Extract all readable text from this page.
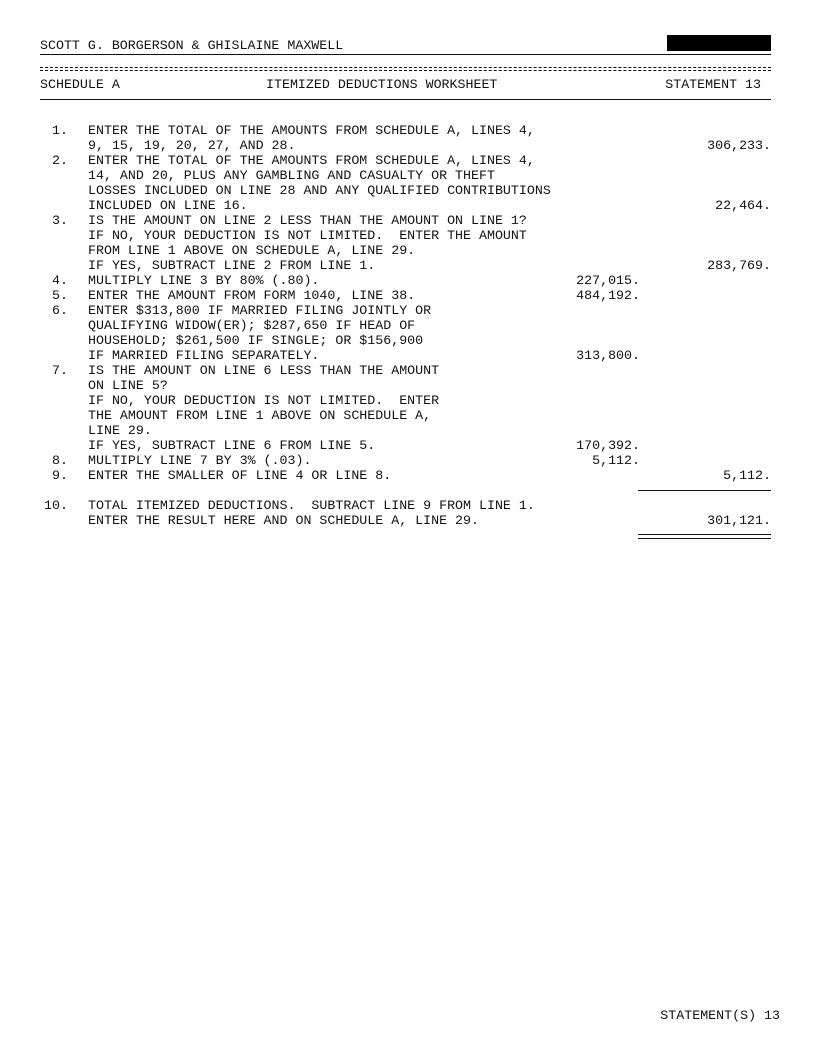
SCOTT G. BORGERSON & GHISLAINE MAXWELL
SCHEDULE A	ITEMIZED DEDUCTIONS WORKSHEET	STATEMENT 13
1. ENTER THE TOTAL OF THE AMOUNTS FROM SCHEDULE A, LINES 4,
9, 15, 19, 20, 27, AND 28.	306,233.
2. ENTER THE TOTAL OF THE AMOUNTS FROM SCHEDULE A, LINES 4,
14, AND 20, PLUS ANY GAMBLING AND CASUALTY OR THEFT
LOSSES INCLUDED ON LINE 28 AND ANY QUALIFIED CONTRIBUTIONS
INCLUDED ON LINE 16.	22,464.
3. IS THE AMOUNT ON LINE 2 LESS THAN THE AMOUNT ON LINE 1?
IF NO, YOUR DEDUCTION IS NOT LIMITED.  ENTER THE AMOUNT
FROM LINE 1 ABOVE ON SCHEDULE A, LINE 29.
IF YES, SUBTRACT LINE 2 FROM LINE 1.	283,769.
4. MULTIPLY LINE 3 BY 80% (.80).	227,015.
5. ENTER THE AMOUNT FROM FORM 1040, LINE 38.	484,192.
6. ENTER $313,800 IF MARRIED FILING JOINTLY OR
QUALIFYING WIDOW(ER); $287,650 IF HEAD OF
HOUSEHOLD; $261,500 IF SINGLE; OR $156,900
IF MARRIED FILING SEPARATELY.	313,800.
7. IS THE AMOUNT ON LINE 6 LESS THAN THE AMOUNT
ON LINE 5?
IF NO, YOUR DEDUCTION IS NOT LIMITED.  ENTER
THE AMOUNT FROM LINE 1 ABOVE ON SCHEDULE A,
LINE 29.
IF YES, SUBTRACT LINE 6 FROM LINE 5.	170,392.
8. MULTIPLY LINE 7 BY 3% (.03).	5,112.
9. ENTER THE SMALLER OF LINE 4 OR LINE 8.	5,112.
10. TOTAL ITEMIZED DEDUCTIONS.  SUBTRACT LINE 9 FROM LINE 1.
ENTER THE RESULT HERE AND ON SCHEDULE A, LINE 29.	301,121.
STATEMENT(S) 13
